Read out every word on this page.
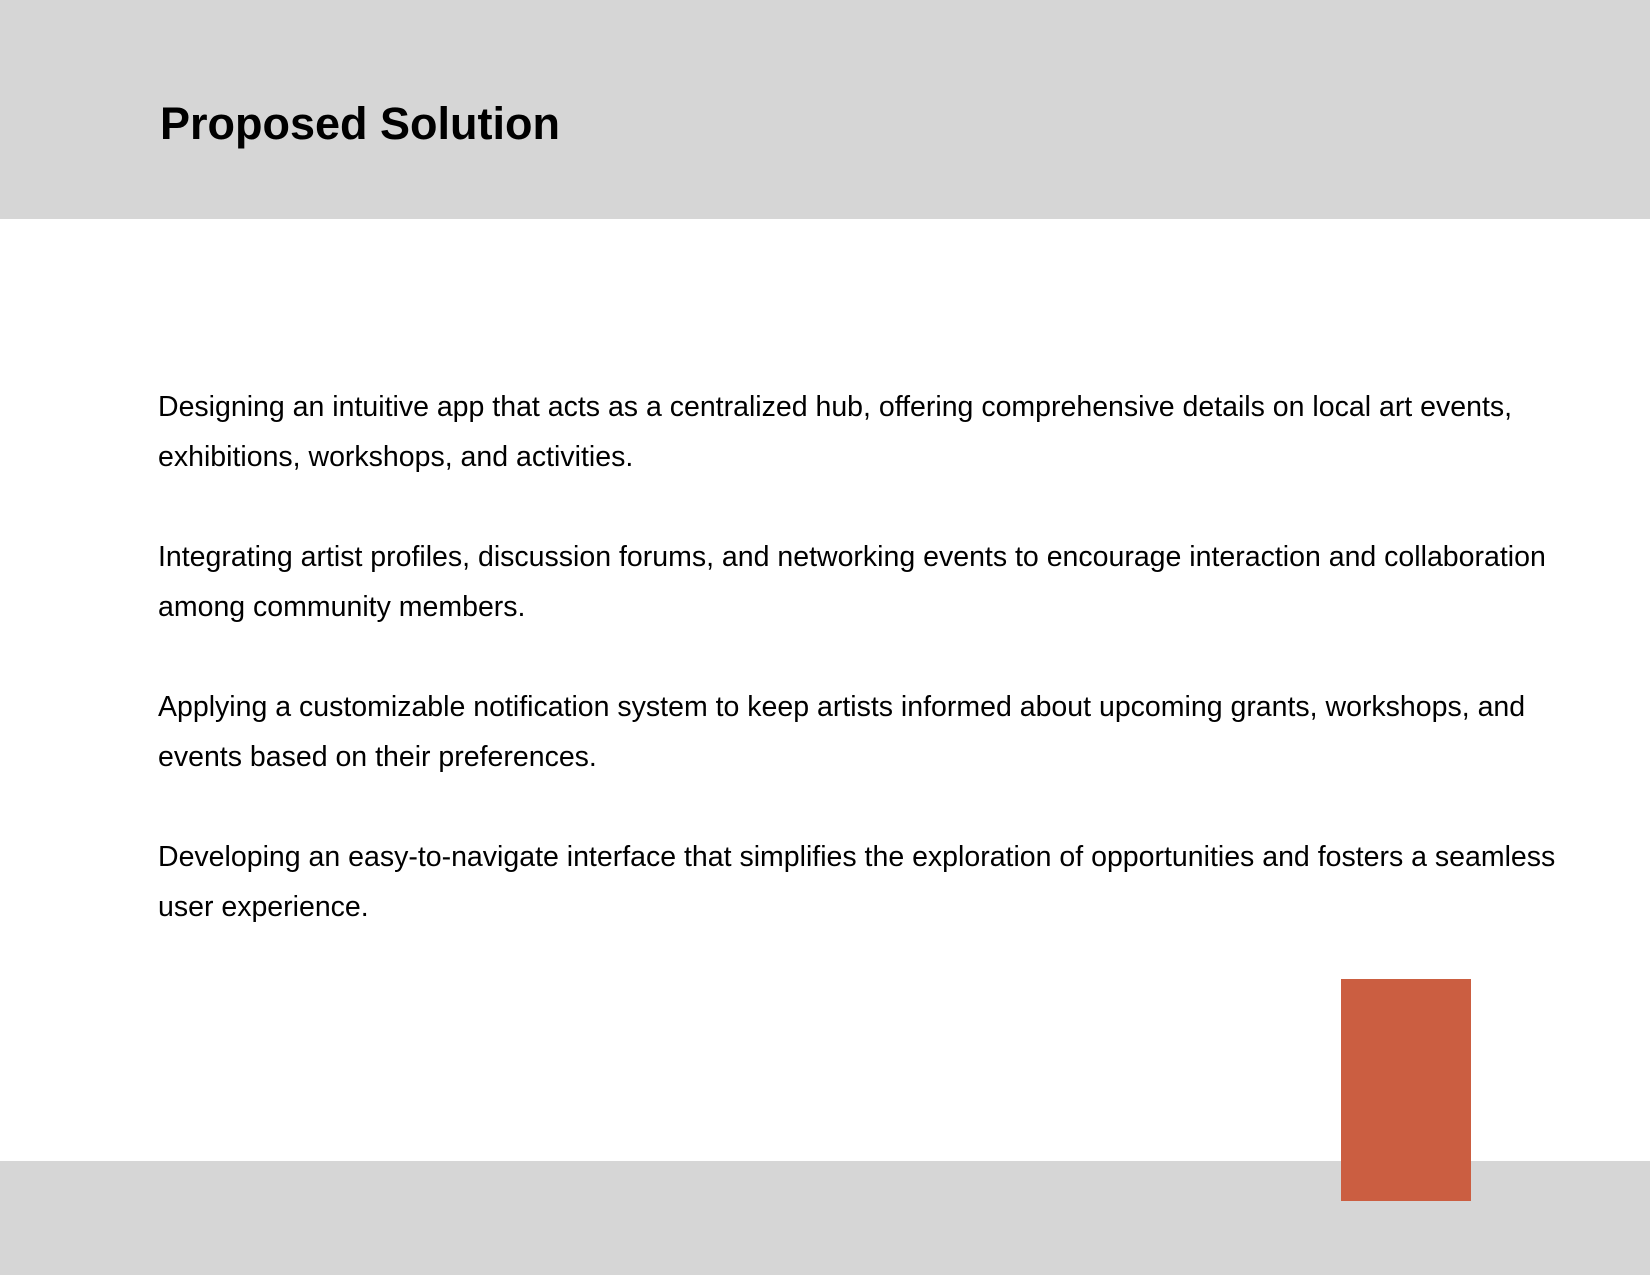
Proposed Solution

Designing an intuitive app that acts as a centralized hub, offering comprehensive details on local art events, exhibitions, workshops, and activities.

Integrating artist profiles, discussion forums, and networking events to encourage interaction and collaboration among community members.

Applying a customizable notification system to keep artists informed about upcoming grants, workshops, and events based on their preferences.

Developing an easy-to-navigate interface that simplifies the exploration of opportunities and fosters a seamless user experience.
